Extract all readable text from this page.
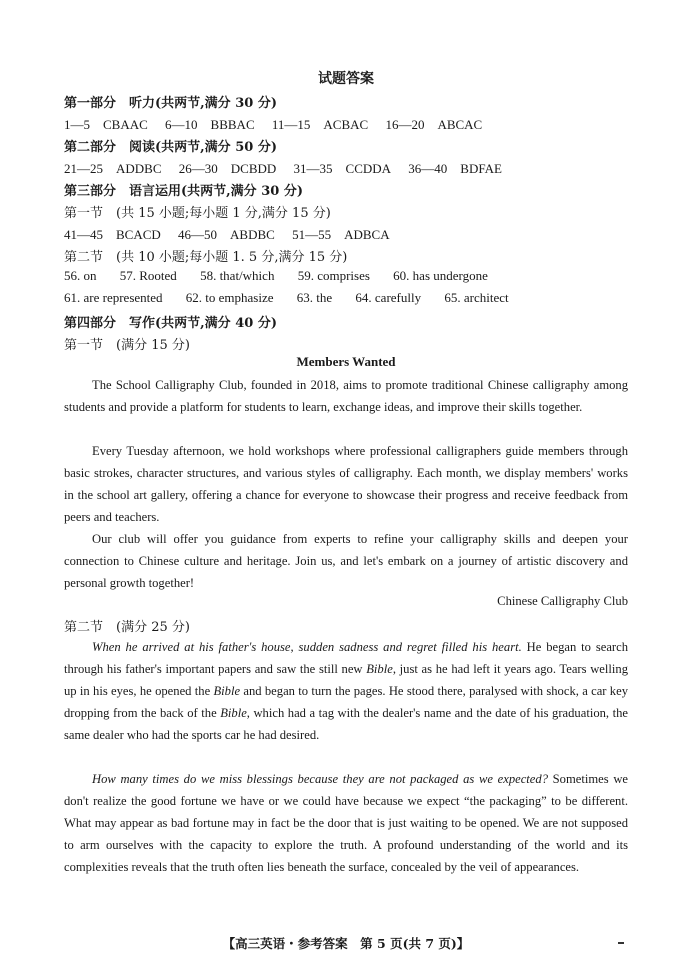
试题答案
第一部分　听力(共两节,满分 30 分)
1—5　CBAAC 6—10　BBBAC 11—15　ACBAC 16—20　ABCAC
第二部分　阅读(共两节,满分 50 分)
21—25　ADDBC 26—30　DCBDD 31—35　CCDDA 36—40　BDFAE
第三部分　语言运用(共两节,满分 30 分)
第一节　(共 15 小题;每小题 1 分,满分 15 分)
41—45　BCACD 46—50　ABDBC 51—55　ADBCA
第二节　(共 10 小题;每小题 1. 5 分,满分 15 分)
56. on 57. Rooted 58. that/which 59. comprises 60. has undergone
61. are represented 62. to emphasize 63. the 64. carefully 65. architect
第四部分　写作(共两节,满分 40 分)
第一节　(满分 15 分)
Members Wanted
The School Calligraphy Club, founded in 2018, aims to promote traditional Chinese calligraphy among students and provide a platform for students to learn, exchange ideas, and improve their skills together.
Every Tuesday afternoon, we hold workshops where professional calligraphers guide members through basic strokes, character structures, and various styles of calligraphy. Each month, we display members' works in the school art gallery, offering a chance for everyone to showcase their progress and receive feedback from peers and teachers.
Our club will offer you guidance from experts to refine your calligraphy skills and deepen your connection to Chinese culture and heritage. Join us, and let's embark on a journey of artistic discovery and personal growth together!
Chinese Calligraphy Club
第二节　(满分 25 分)
When he arrived at his father's house, sudden sadness and regret filled his heart. He began to search through his father's important papers and saw the still new Bible, just as he had left it years ago. Tears welling up in his eyes, he opened the Bible and began to turn the pages. He stood there, paralysed with shock, a car key dropping from the back of the Bible, which had a tag with the dealer's name and the date of his graduation, the same dealer who had the sports car he had desired.
How many times do we miss blessings because they are not packaged as we expected? Sometimes we don't realize the good fortune we have or we could have because we expect “the packaging” to be different. What may appear as bad fortune may in fact be the door that is just waiting to be opened. We are not supposed to arm ourselves with the capacity to explore the truth. A profound understanding of the world and its complexities reveals that the truth often lies beneath the surface, concealed by the veil of appearances.
【高三英语・参考答案　第 5 页(共 7 页)】
